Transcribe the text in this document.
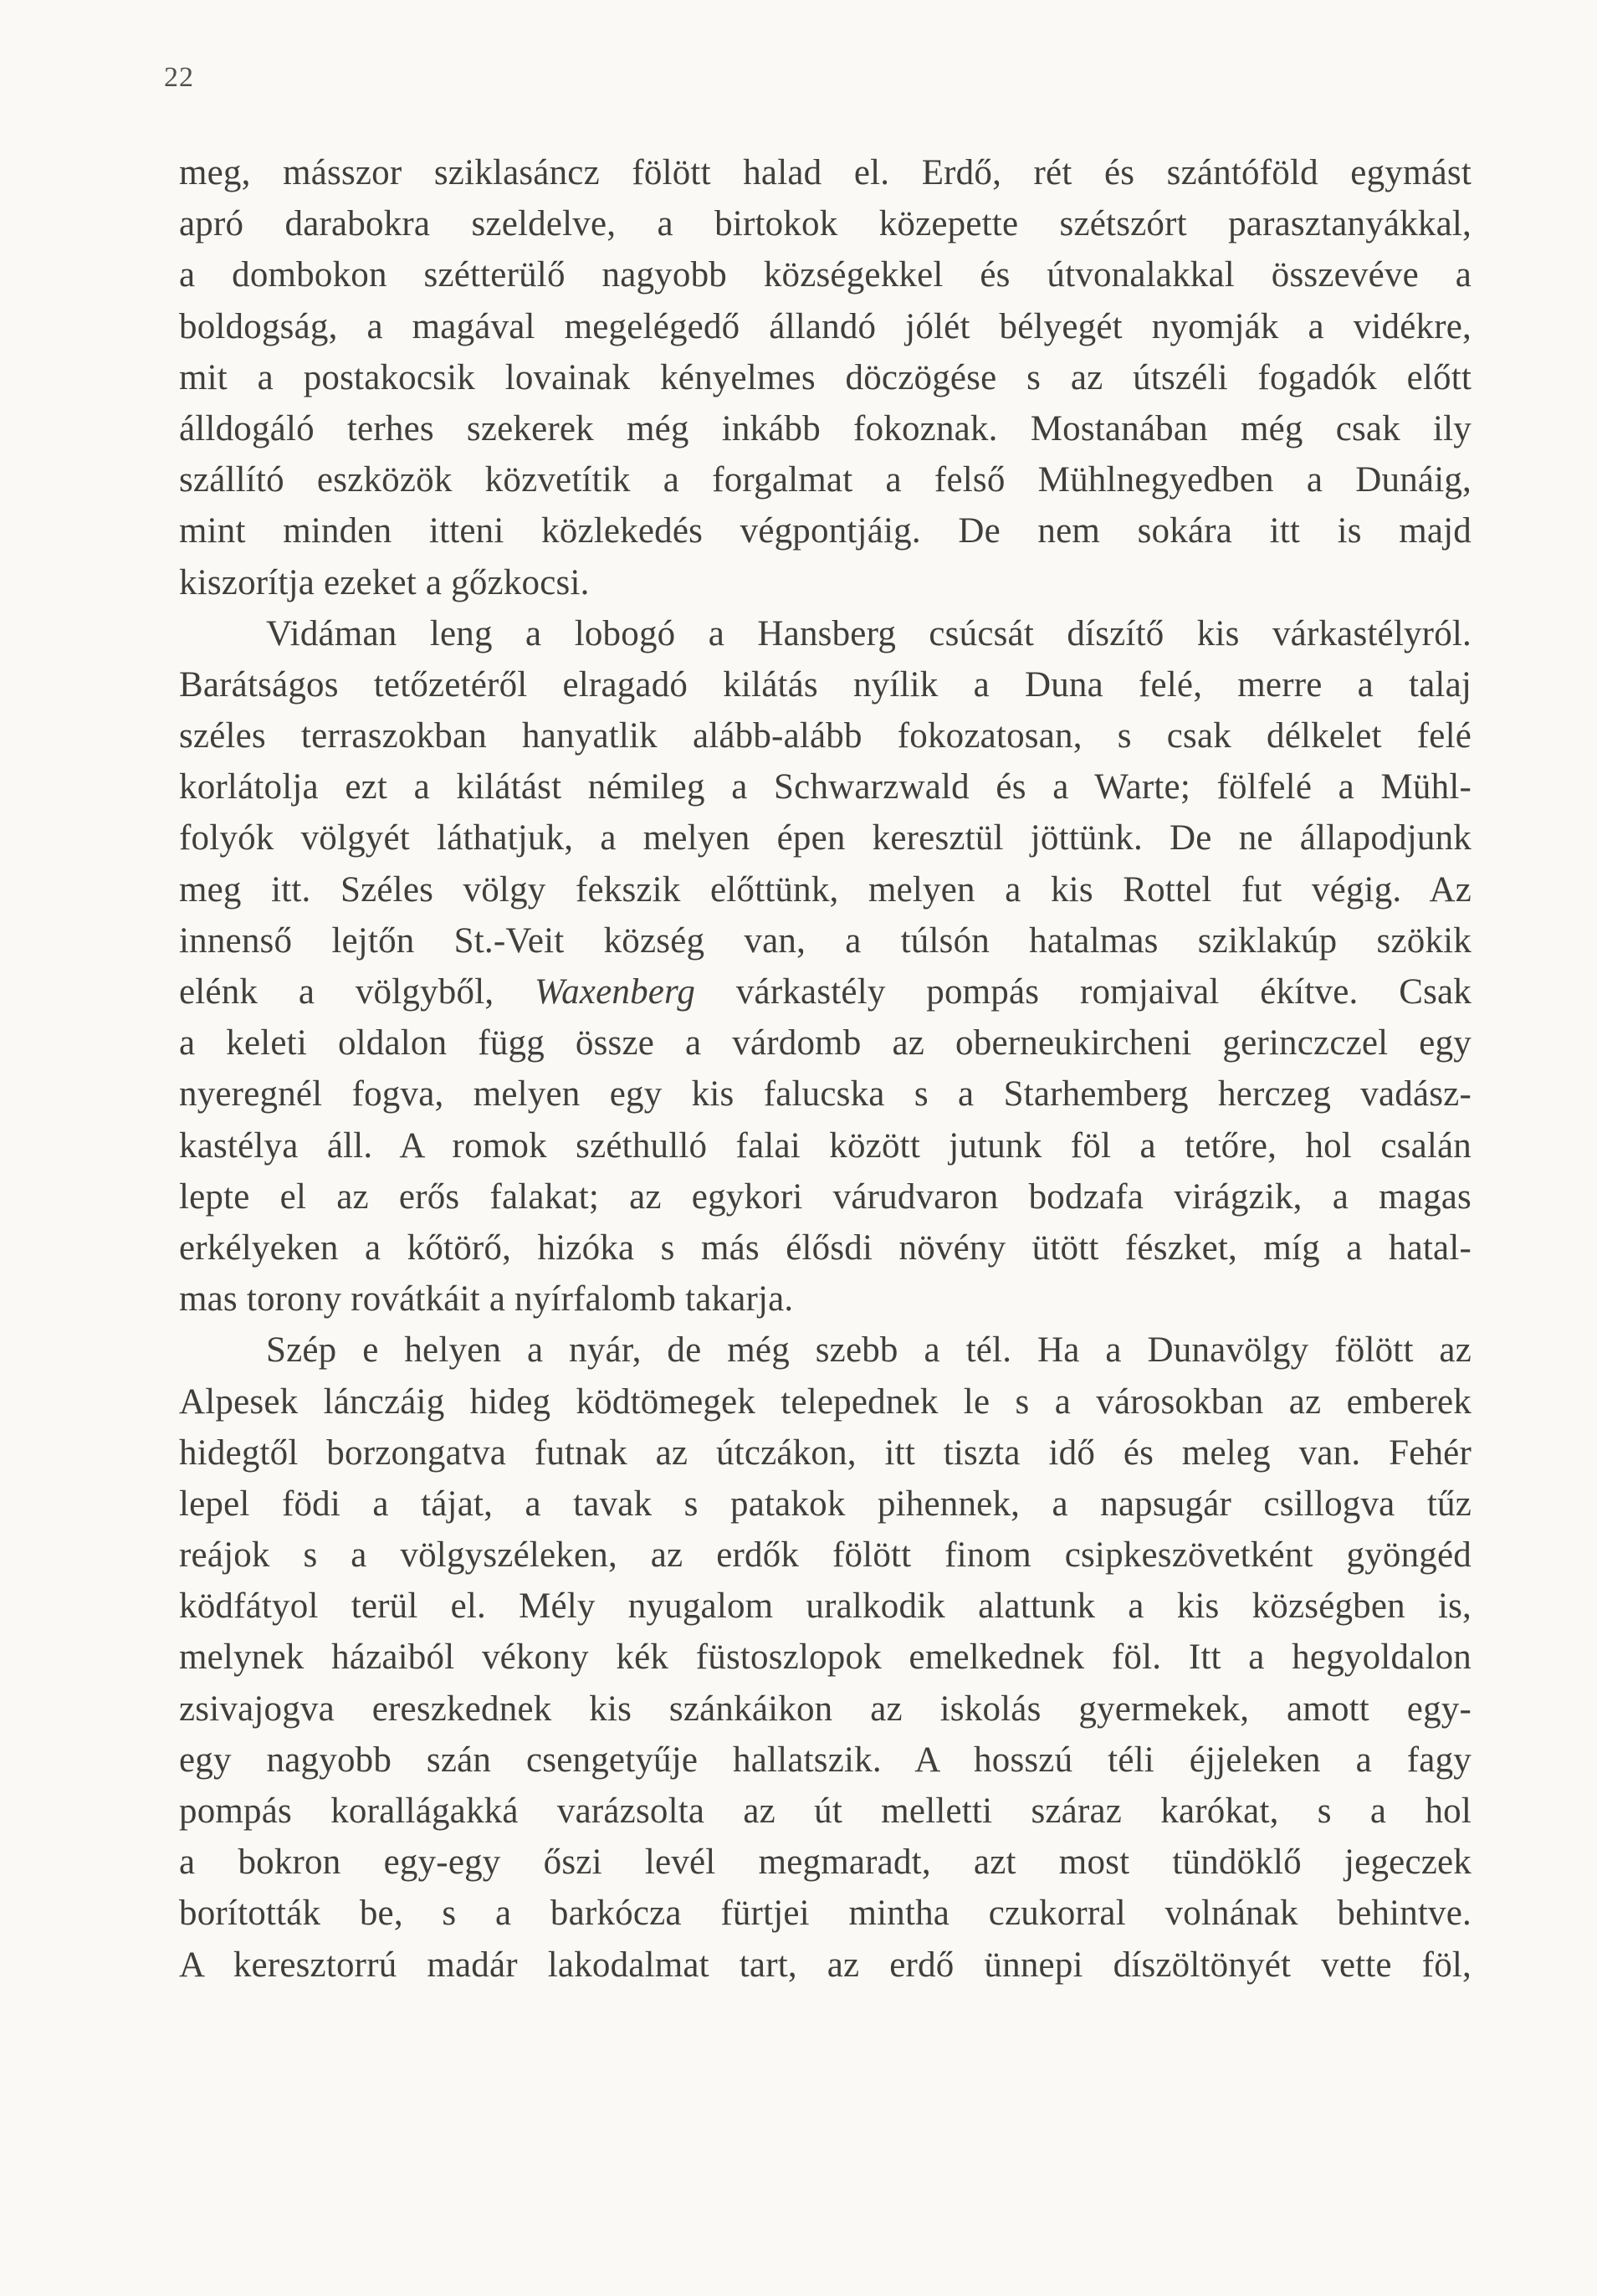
22
meg, másszor sziklasáncz fölött halad el. Erdő, rét és szántóföld egymást
apró darabokra szeldelve, a birtokok közepette szétszórt parasztanyákkal,
a dombokon szétterülő nagyobb községekkel és útvonalakkal összevéve a
boldogság, a magával megelégedő állandó jólét bélyegét nyomják a vidékre,
mit a postakocsik lovainak kényelmes döczögése s az útszéli fogadók előtt
álldogáló terhes szekerek még inkább fokoznak. Mostanában még csak ily
szállító eszközök közvetítik a forgalmat a felső Mühlnegyedben a Dunáig,
mint minden itteni közlekedés végpontjáig. De nem sokára itt is majd
kiszorítja ezeket a gőzkocsi.
Vidáman leng a lobogó a Hansberg csúcsát díszítő kis várkastélyról.
Barátságos tetőzetéről elragadó kilátás nyílik a Duna felé, merre a talaj
széles terraszokban hanyatlik alább-alább fokozatosan, s csak délkelet felé
korlátolja ezt a kilátást némileg a Schwarzwald és a Warte; fölfelé a Mühl-
folyók völgyét láthatjuk, a melyen épen keresztül jöttünk. De ne állapodjunk
meg itt. Széles völgy fekszik előttünk, melyen a kis Rottel fut végig. Az
innenső lejtőn St.-Veit község van, a túlsón hatalmas sziklakúp szökik
elénk a völgyből, Waxenberg várkastély pompás romjaival ékítve. Csak
a keleti oldalon függ össze a várdomb az oberneukircheni gerinczczel egy
nyeregnél fogva, melyen egy kis falucska s a Starhemberg herczeg vadász-
kastélya áll. A romok széthulló falai között jutunk föl a tetőre, hol csalán
lepte el az erős falakat; az egykori várudvaron bodzafa virágzik, a magas
erkélyeken a kőtörő, hizóka s más élősdi növény ütött fészket, míg a hatal-
mas torony rovátkáit a nyírfalomb takarja.
Szép e helyen a nyár, de még szebb a tél. Ha a Dunavölgy fölött az
Alpesek lánczáig hideg ködtömegek telepednek le s a városokban az emberek
hidegtől borzongatva futnak az útczákon, itt tiszta idő és meleg van. Fehér
lepel födi a tájat, a tavak s patakok pihennek, a napsugár csillogva tűz
reájok s a völgyszéleken, az erdők fölött finom csipkeszövetként gyöngéd
ködfátyol terül el. Mély nyugalom uralkodik alattunk a kis községben is,
melynek házaiból vékony kék füstoszlopok emelkednek föl. Itt a hegyoldalon
zsivajogva ereszkednek kis szánkáikon az iskolás gyermekek, amott egy-
egy nagyobb szán csengetyűje hallatszik. A hosszú téli éjjeleken a fagy
pompás korallágakká varázsolta az út melletti száraz karókat, s a hol
a bokron egy-egy őszi levél megmaradt, azt most tündöklő jegeczek
borították be, s a barkócza fürtjei mintha czukorral volnának behintve.
A keresztorrú madár lakodalmat tart, az erdő ünnepi díszöltönyét vette föl,
